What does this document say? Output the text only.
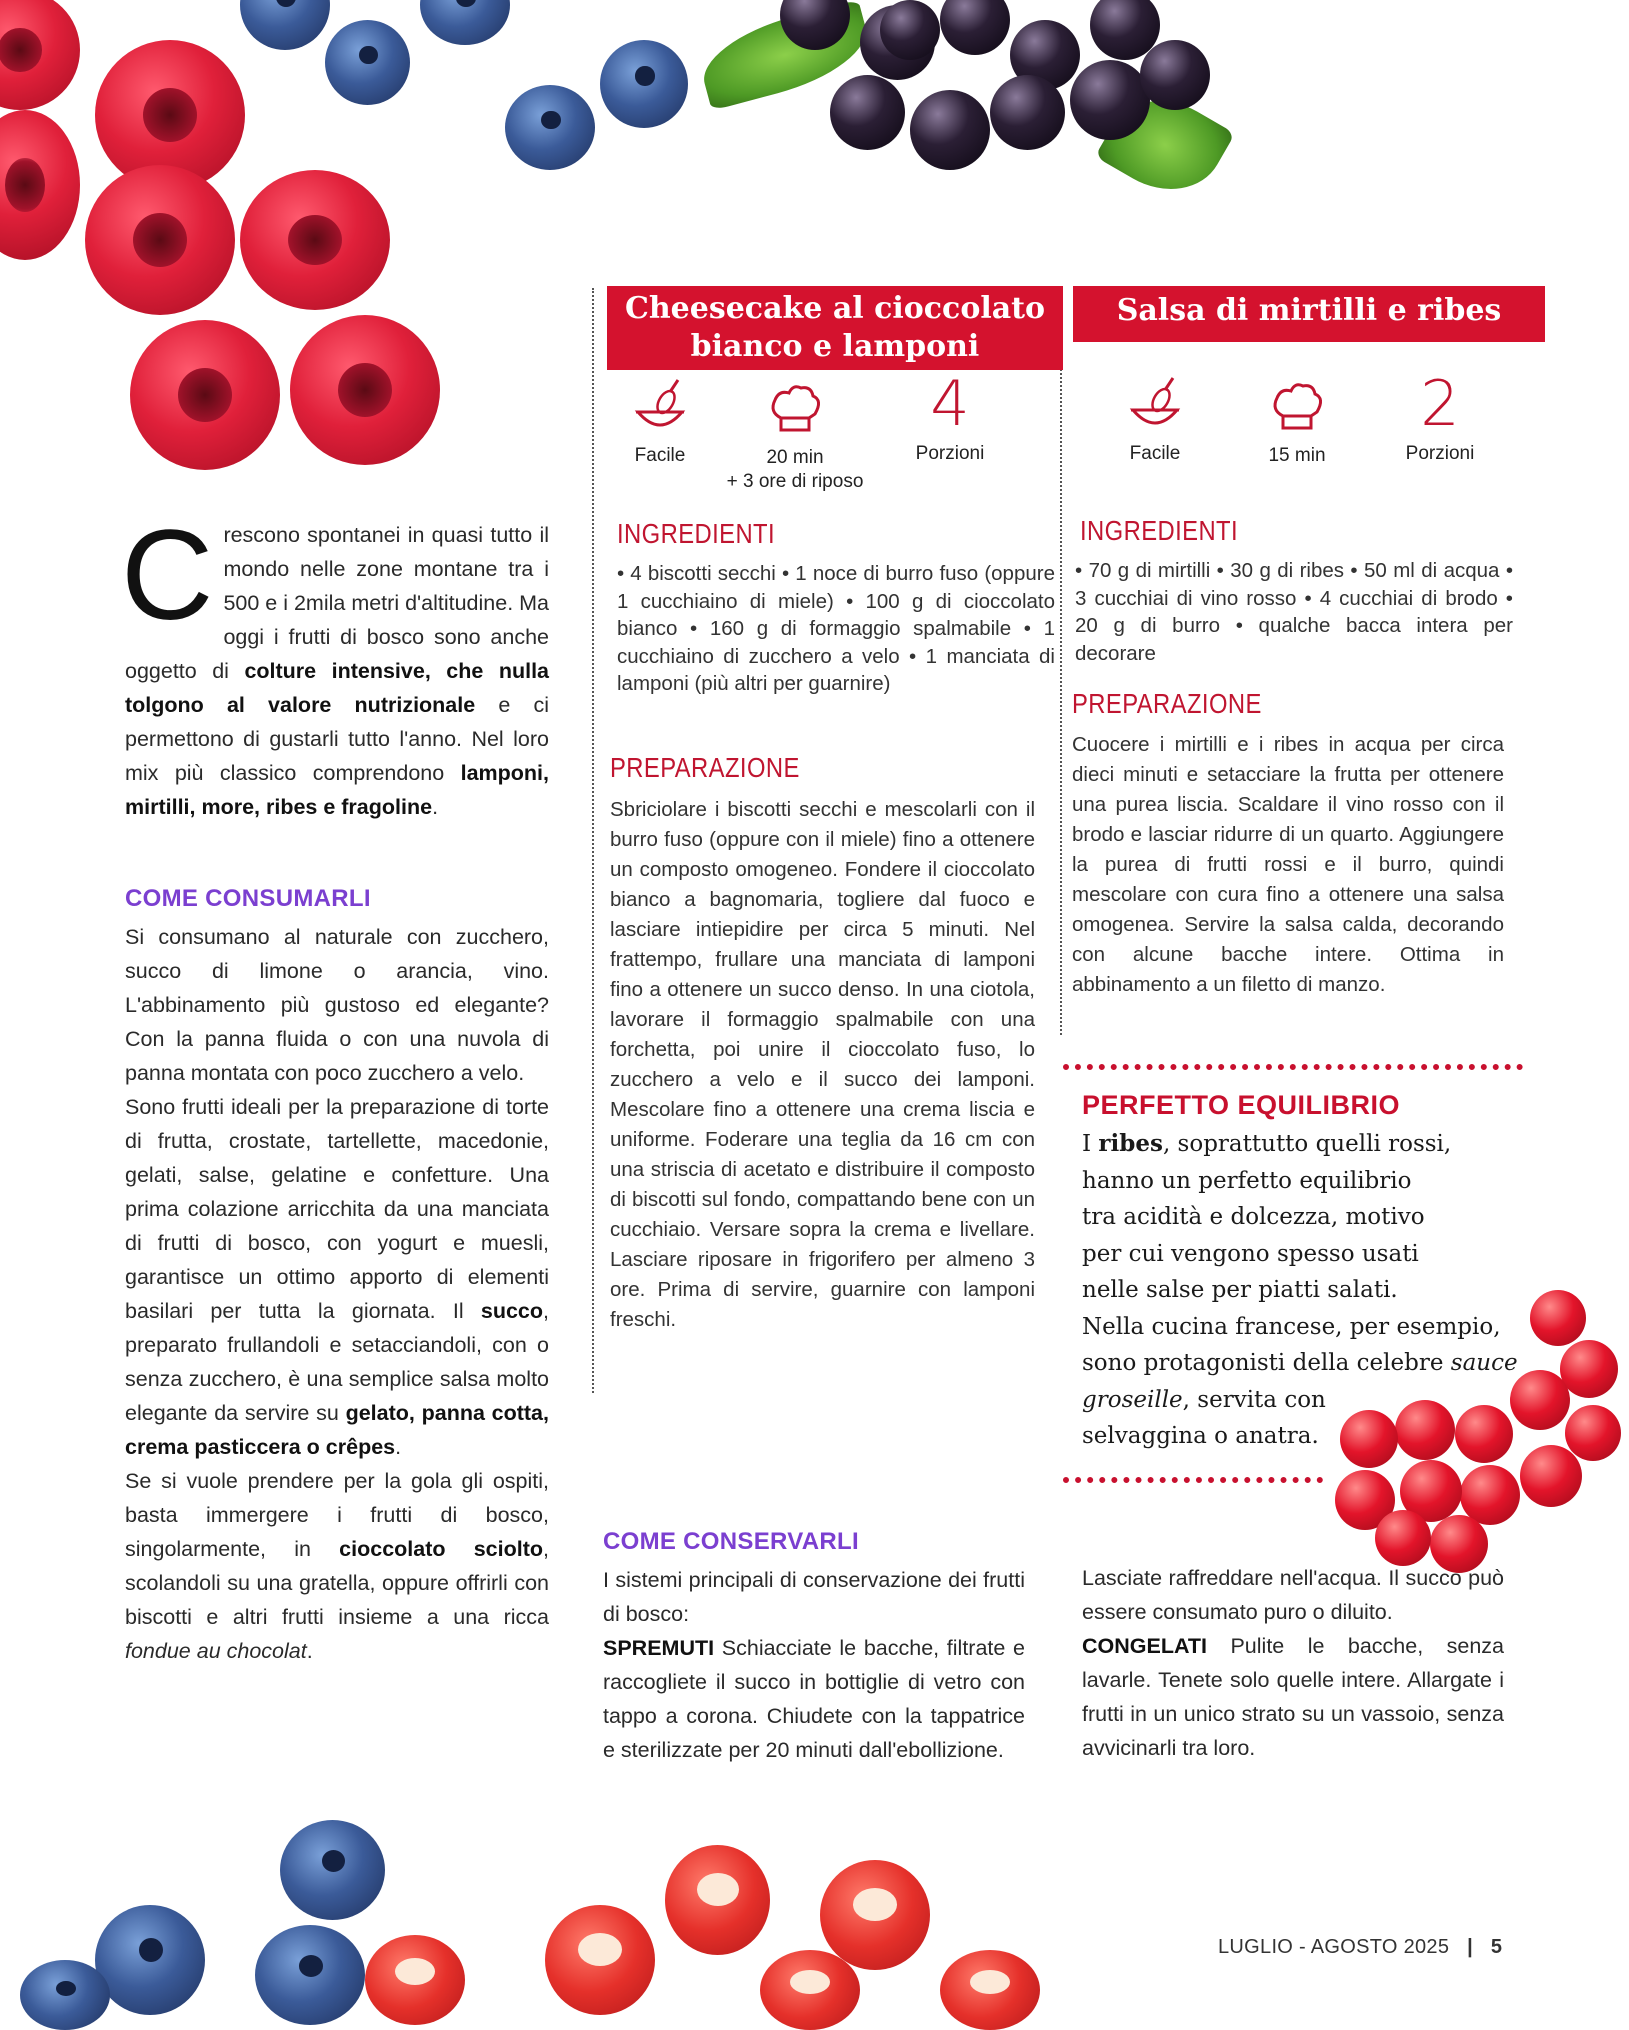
Crescono spontanei in quasi tutto il mondo nelle zone montane tra i 500 e i 2mila metri d'altitudine. Ma oggi i frutti di bosco sono anche oggetto di colture intensive, che nulla tolgono al valore nutrizionale e ci permettono di gustarli tutto l'anno. Nel loro mix più classico comprendono lamponi, mirtilli, more, ribes e fragoline.
COME CONSUMARLI
Si consumano al naturale con zucchero, succo di limone o arancia, vino. L'abbinamento più gustoso ed elegante? Con la panna fluida o con una nuvola di panna montata con poco zucchero a velo.
Sono frutti ideali per la preparazione di torte di frutta, crostate, tartellette, macedonie, gelati, salse, gelatine e confetture. Una prima colazione arricchita da una manciata di frutti di bosco, con yogurt e muesli, garantisce un ottimo apporto di elementi basilari per tutta la giornata. Il succo, preparato frullandoli e setacciandoli, con o senza zucchero, è una semplice salsa molto elegante da servire su gelato, panna cotta, crema pasticcera o crêpes.
Se si vuole prendere per la gola gli ospiti, basta immergere i frutti di bosco, singolarmente, in cioccolato sciolto, scolandoli su una gratella, oppure offrirli con biscotti e altri frutti insieme a una ricca fondue au chocolat.
Cheesecake al cioccolato bianco e lamponi
Facile	20 min
+ 3 ore di riposo
4
Porzioni
INGREDIENTI
• 4 biscotti secchi • 1 noce di burro fuso (oppure 1 cucchiaino di miele) • 100 g di cioccolato bianco • 160 g di formaggio spalmabile • 1 cucchiaino di zucchero a velo • 1 manciata di lamponi (più altri per guarnire)
PREPARAZIONE
Sbriciolare i biscotti secchi e mescolarli con il burro fuso (oppure con il miele) fino a ottenere un composto omogeneo. Fondere il cioccolato bianco a bagnomaria, togliere dal fuoco e lasciare intiepidire per circa 5 minuti. Nel frattempo, frullare una manciata di lamponi fino a ottenere un succo denso. In una ciotola, lavorare il formaggio spalmabile con una forchetta, poi unire il cioccolato fuso, lo zucchero a velo e il succo dei lamponi. Mescolare fino a ottenere una crema liscia e uniforme. Foderare una teglia da 16 cm con una striscia di acetato e distribuire il composto di biscotti sul fondo, compattando bene con un cucchiaio. Versare sopra la crema e livellare. Lasciare riposare in frigorifero per almeno 3 ore. Prima di servire, guarnire con lamponi freschi.
Salsa di mirtilli e ribes
Facile	15 min
2
Porzioni
INGREDIENTI
• 70 g di mirtilli • 30 g di ribes • 50 ml di acqua • 3 cucchiai di vino rosso • 4 cucchiai di brodo • 20 g di burro • qualche bacca intera per decorare
PREPARAZIONE
Cuocere i mirtilli e i ribes in acqua per circa dieci minuti e setacciare la frutta per ottenere una purea liscia. Scaldare il vino rosso con il brodo e lasciar ridurre di un quarto. Aggiungere la purea di frutti rossi e il burro, quindi mescolare con cura fino a ottenere una salsa omogenea. Servire la salsa calda, decorando con alcune bacche intere. Ottima in abbinamento a un filetto di manzo.
PERFETTO EQUILIBRIO
I ribes, soprattutto quelli rossi,
hanno un perfetto equilibrio
tra acidità e dolcezza, motivo
per cui vengono spesso usati
nelle salse per piatti salati.
Nella cucina francese, per esempio,
sono protagonisti della celebre sauce
groseille, servita con
selvaggina o anatra.
COME CONSERVARLI
I sistemi principali di conservazione dei frutti di bosco:
SPREMUTI Schiacciate le bacche, filtrate e raccogliete il succo in bottiglie di vetro con tappo a corona. Chiudete con la tappatrice e sterilizzate per 20 minuti dall'ebollizione.
Lasciate raffreddare nell'acqua. Il succo può essere consumato puro o diluito.
CONGELATI Pulite le bacche, senza lavarle. Tenete solo quelle intere. Allargate i frutti in un unico strato su un vassoio, senza avvicinarli tra loro.
LUGLIO - AGOSTO 2025 | 5
